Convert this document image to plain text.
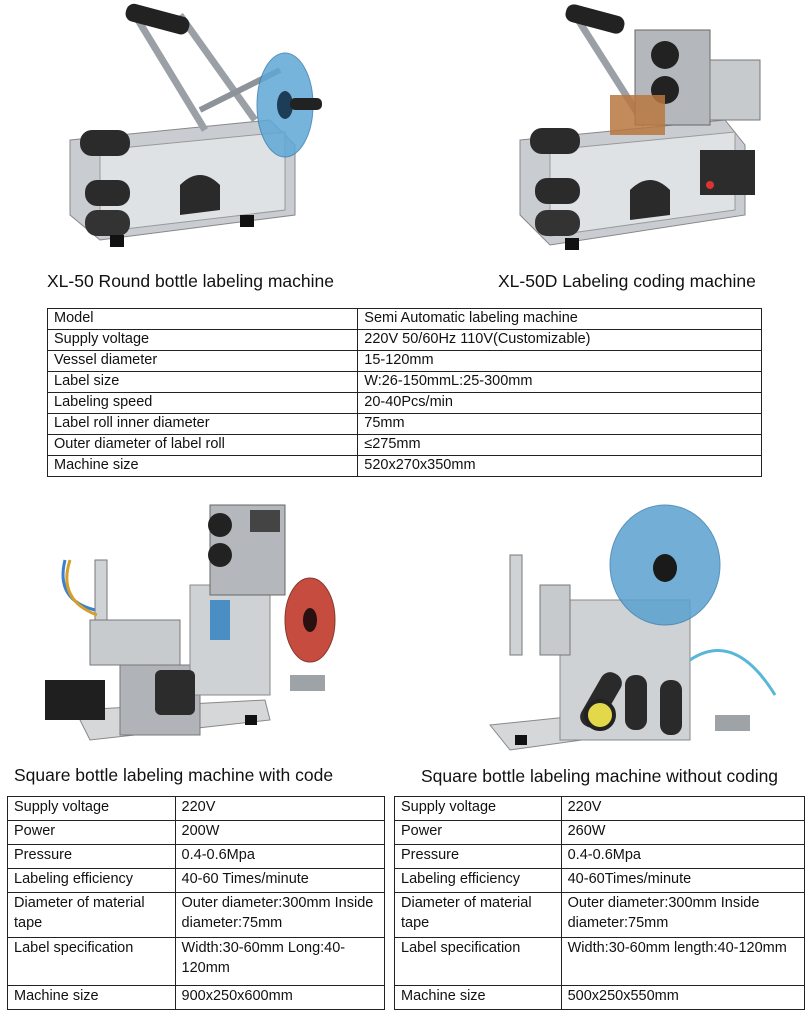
XL-50 Round bottle labeling machine	XL-50D Labeling coding machine
Model	Semi Automatic labeling machine
Supply voltage	220V 50/60Hz 110V(Customizable)
Vessel diameter	15-120mm
Label size	W:26-150mmL:25-300mm
Labeling speed	20-40Pcs/min
Label roll inner diameter	75mm
Outer diameter of label roll	≤275mm
Machine size	520x270x350mm
Square bottle labeling machine with code	Square bottle labeling machine without coding
Supply voltage	220V
Power	200W
Pressure	0.4-0.6Mpa
Labeling efficiency	40-60 Times/minute
Diameter of material tape	Outer diameter:300mm Inside diameter:75mm
Label specification	Width:30-60mm Long:40-120mm
Machine size	900x250x600mm
Supply voltage	220V
Power	260W
Pressure	0.4-0.6Mpa
Labeling efficiency	40-60Times/minute
Diameter of material tape	Outer diameter:300mm Inside diameter:75mm
Label specification	Width:30-60mm length:40-120mm
Machine size	500x250x550mm
